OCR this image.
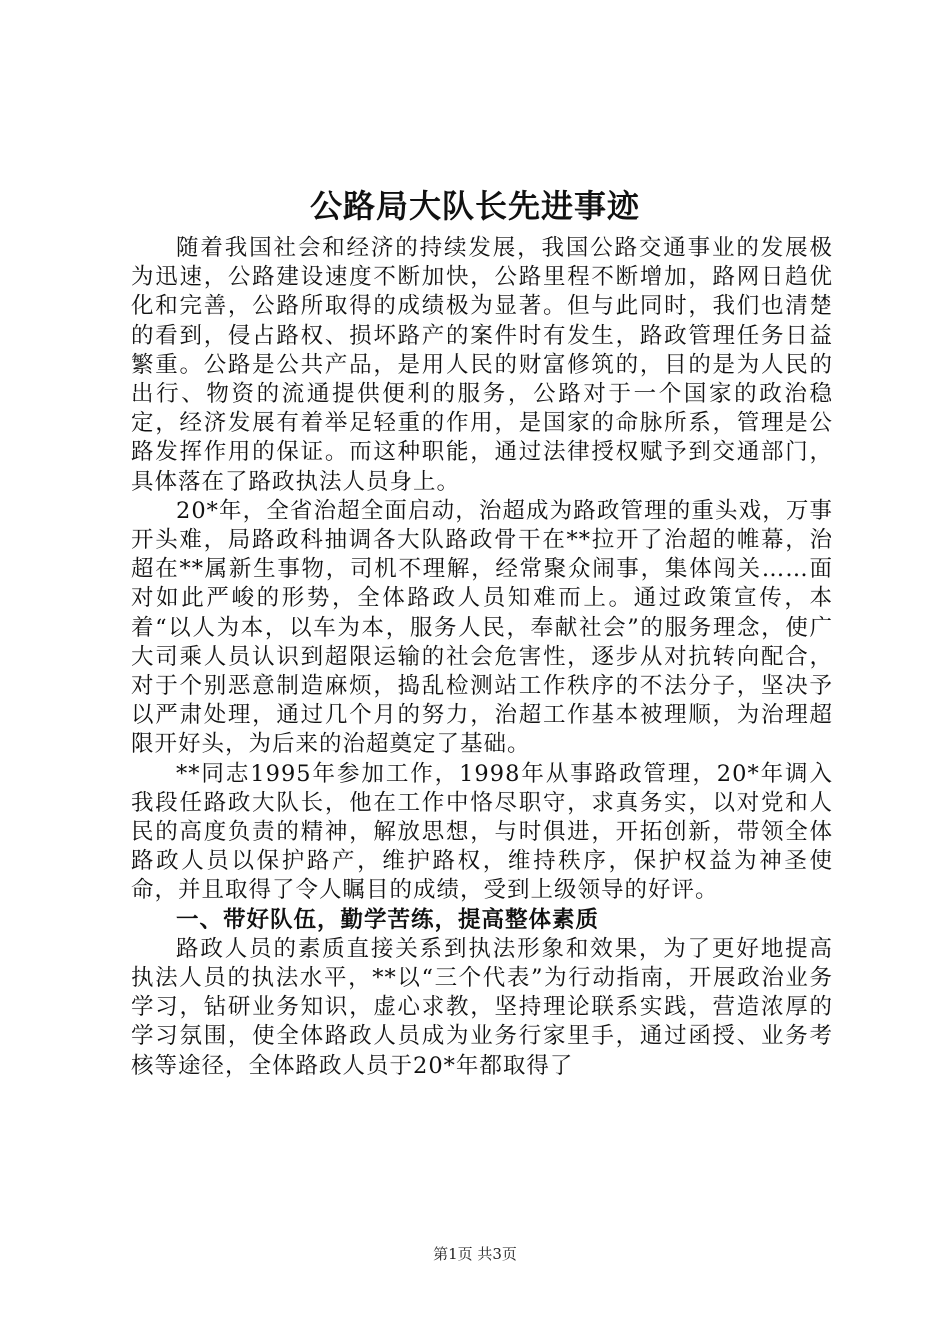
公路局大队长先进事迹

随着我国社会和经济的持续发展，我国公路交通事业的发展极为迅速，公路建设速度不断加快，公路里程不断增加，路网日趋优化和完善，公路所取得的成绩极为显著。但与此同时，我们也清楚的看到，侵占路权、损坏路产的案件时有发生，路政管理任务日益繁重。公路是公共产品，是用人民的财富修筑的，目的是为人民的出行、物资的流通提供便利的服务，公路对于一个国家的政治稳定，经济发展有着举足轻重的作用，是国家的命脉所系，管理是公路发挥作用的保证。而这种职能，通过法律授权赋予到交通部门，具体落在了路政执法人员身上。

20*年，全省治超全面启动，治超成为路政管理的重头戏，万事开头难，局路政科抽调各大队路政骨干在**拉开了治超的帷幕，治超在**属新生事物，司机不理解，经常聚众闹事，集体闯关……面对如此严峻的形势，全体路政人员知难而上。通过政策宣传，本着“以人为本，以车为本，服务人民，奉献社会”的服务理念，使广大司乘人员认识到超限运输的社会危害性，逐步从对抗转向配合，对于个别恶意制造麻烦，捣乱检测站工作秩序的不法分子，坚决予以严肃处理，通过几个月的努力，治超工作基本被理顺，为治理超限开好头，为后来的治超奠定了基础。

**同志1995年参加工作，1998年从事路政管理，20*年调入我段任路政大队长，他在工作中恪尽职守，求真务实，以对党和人民的高度负责的精神，解放思想，与时俱进，开拓创新，带领全体路政人员以保护路产，维护路权，维持秩序，保护权益为神圣使命，并且取得了令人瞩目的成绩，受到上级领导的好评。

一、带好队伍，勤学苦练，提高整体素质

路政人员的素质直接关系到执法形象和效果，为了更好地提高执法人员的执法水平，**以“三个代表”为行动指南，开展政治业务学习，钻研业务知识，虚心求教，坚持理论联系实践，营造浓厚的学习氛围，使全体路政人员成为业务行家里手，通过函授、业务考核等途径，全体路政人员于20*年都取得了

第1页 共3页
